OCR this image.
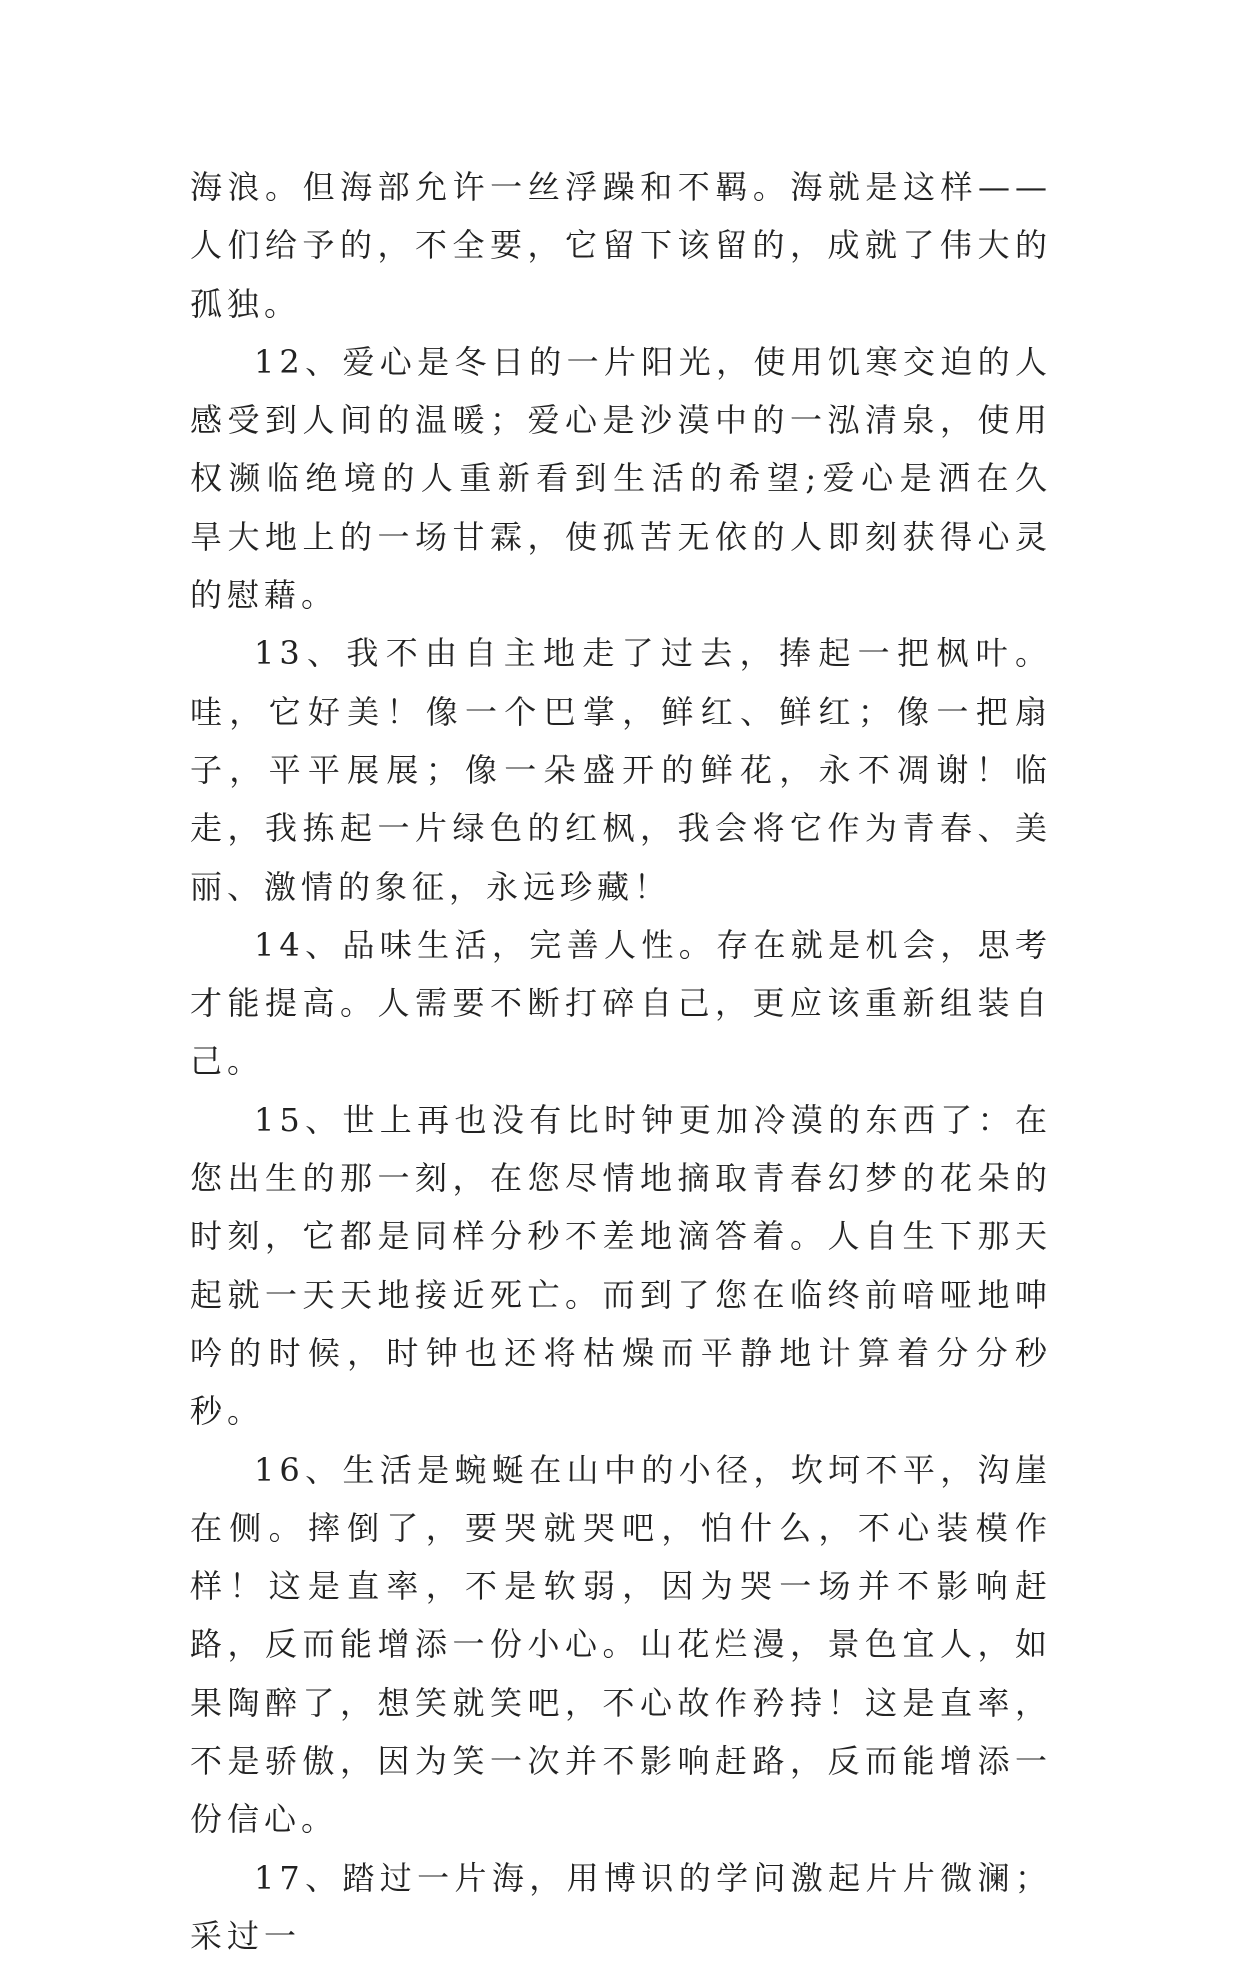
海浪。但海部允许一丝浮躁和不羁。海就是这样——人们给予的，不全要，它留下该留的，成就了伟大的孤独。

12、爱心是冬日的一片阳光，使用饥寒交迫的人感受到人间的温暖；爱心是沙漠中的一泓清泉，使用权濒临绝境的人重新看到生活的希望;爱心是洒在久旱大地上的一场甘霖，使孤苦无依的人即刻获得心灵的慰藉。

13、我不由自主地走了过去，捧起一把枫叶。哇，它好美！像一个巴掌，鲜红、鲜红；像一把扇子，平平展展；像一朵盛开的鲜花，永不凋谢！临走，我拣起一片绿色的红枫，我会将它作为青春、美丽、激情的象征，永远珍藏！

14、品味生活，完善人性。存在就是机会，思考才能提高。人需要不断打碎自己，更应该重新组装自己。

15、世上再也没有比时钟更加冷漠的东西了：在您出生的那一刻，在您尽情地摘取青春幻梦的花朵的时刻，它都是同样分秒不差地滴答着。人自生下那天起就一天天地接近死亡。而到了您在临终前喑哑地呻吟的时候，时钟也还将枯燥而平静地计算着分分秒秒。

16、生活是蜿蜒在山中的小径，坎坷不平，沟崖在侧。摔倒了，要哭就哭吧，怕什么，不心装模作样！这是直率，不是软弱，因为哭一场并不影响赶路，反而能增添一份小心。山花烂漫，景色宜人，如果陶醉了，想笑就笑吧，不心故作矜持！这是直率，不是骄傲，因为笑一次并不影响赶路，反而能增添一份信心。

17、踏过一片海，用博识的学问激起片片微澜；采过一
